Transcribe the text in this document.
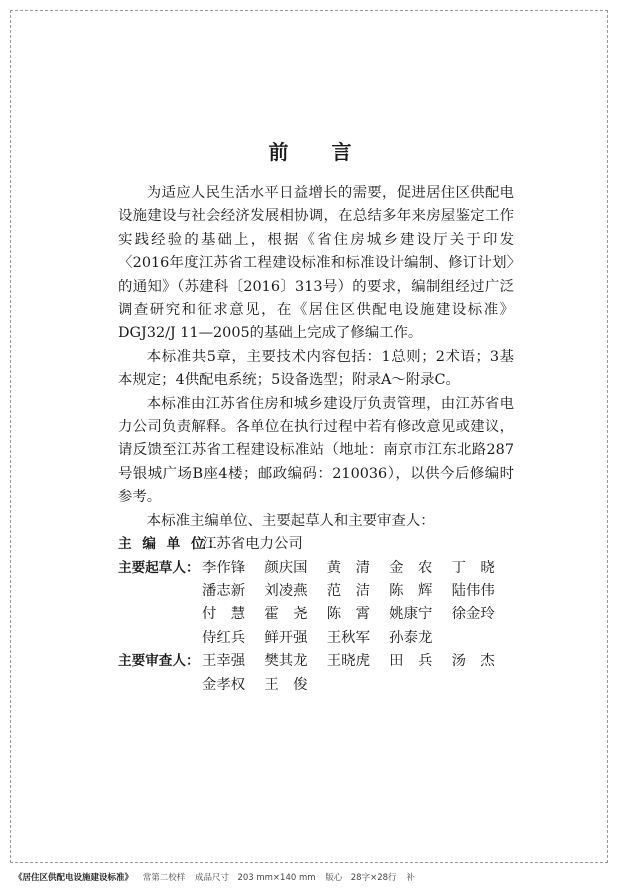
前 言

为适应人民生活水平日益增长的需要，促进居住区供配电设施建设与社会经济发展相协调，在总结多年来房屋鉴定工作实践经验的基础上，根据《省住房城乡建设厅关于印发〈2016年度江苏省工程建设标准和标准设计编制、修订计划〉的通知》（苏建科〔2016〕313号）的要求，编制组经过广泛调查研究和征求意见，在《居住区供配电设施建设标准》DGJ32/J 11—2005的基础上完成了修编工作。

本标准共5章，主要技术内容包括：1总则；2术语；3基本规定；4供配电系统；5设备选型；附录A～附录C。

本标准由江苏省住房和城乡建设厅负责管理，由江苏省电力公司负责解释。各单位在执行过程中若有修改意见或建议，请反馈至江苏省工程建设标准站（地址：南京市江东北路287号银城广场B座4楼；邮政编码：210036），以供今后修编时参考。

本标准主编单位、主要起草人和主要审查人：

主 编 单 位：
江苏省电力公司
主要起草人： 李作锋	颜庆国	黄　清	金　农	丁　晓
潘志新	刘凌燕	范　洁	陈　辉	陆伟伟
付　慧	霍　尧	陈　霄	姚康宁	徐金玲
侍红兵	鲜开强	王秋军	孙泰龙
主要审查人： 王幸强	樊其龙	王晓虎	田　兵	汤　杰
金孝权	王　俊
《居住区供配电设施建设标准》 常第二校样 成品尺寸　203 mm×140 mm 版心　28字×28行 补
